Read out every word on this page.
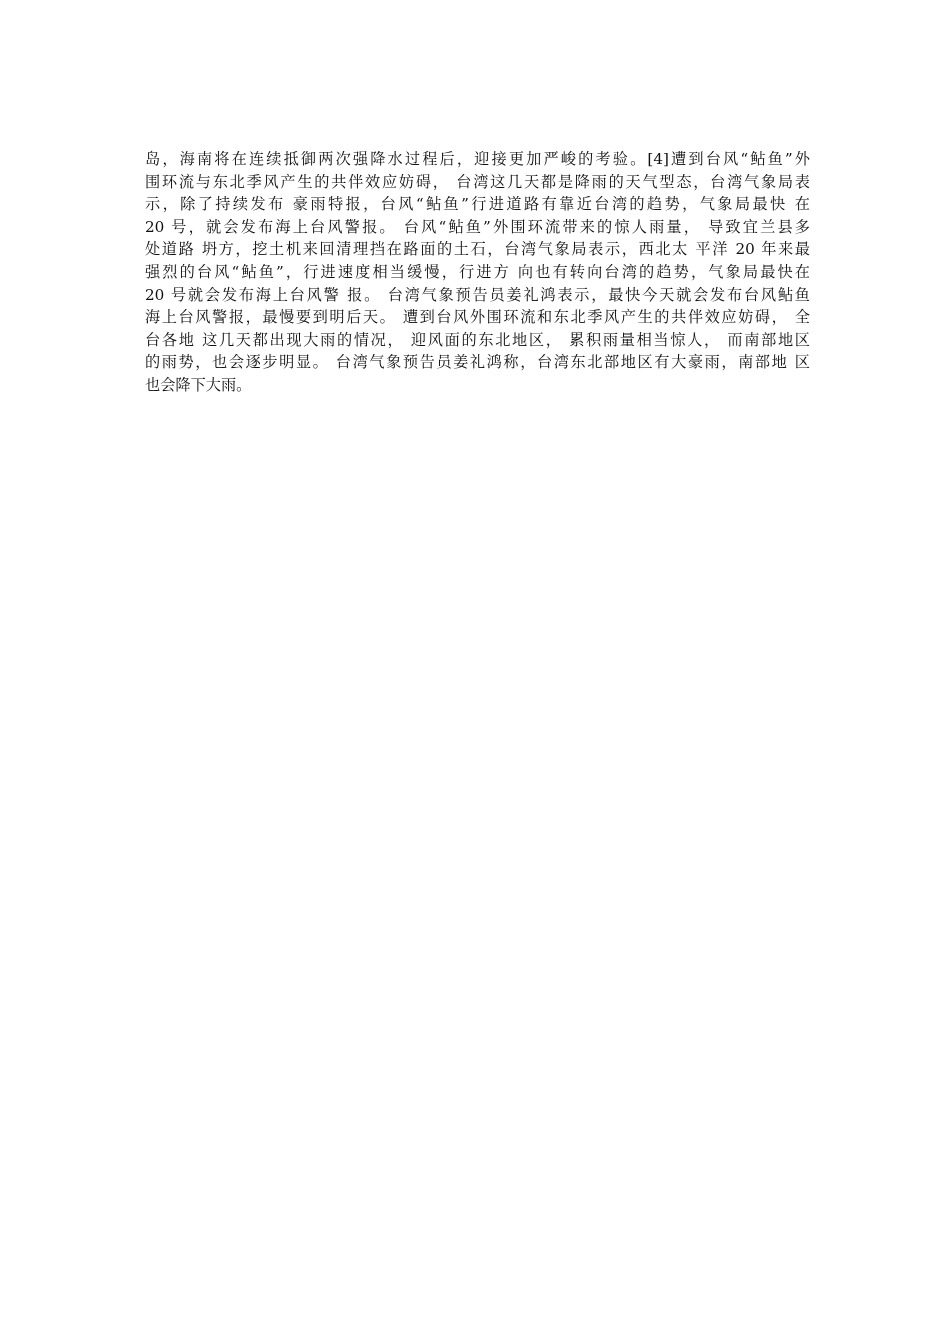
岛，海南将在连续抵御两次强降水过程后，迎接更加严峻的考验。[4]遭到台风“鲇鱼”外
围环流与东北季风产生的共伴效应妨碍， 台湾这几天都是降雨的天气型态，台湾气象局表
示，除了持续发布 豪雨特报，台风“鲇鱼”行进道路有靠近台湾的趋势，气象局最快 在
20 号，就会发布海上台风警报。 台风“鲇鱼”外围环流带来的惊人雨量， 导致宜兰县多
处道路 坍方，挖土机来回清理挡在路面的土石，台湾气象局表示，西北太 平洋 20 年来最
强烈的台风“鲇鱼”，行进速度相当缓慢，行进方 向也有转向台湾的趋势，气象局最快在
20 号就会发布海上台风警 报。 台湾气象预告员姜礼鸿表示，最快今天就会发布台风鲇鱼
海上台风警报，最慢要到明后天。 遭到台风外围环流和东北季风产生的共伴效应妨碍， 全
台各地 这几天都出现大雨的情况， 迎风面的东北地区， 累积雨量相当惊人， 而南部地区
的雨势，也会逐步明显。 台湾气象预告员姜礼鸿称，台湾东北部地区有大豪雨，南部地 区
也会降下大雨。
